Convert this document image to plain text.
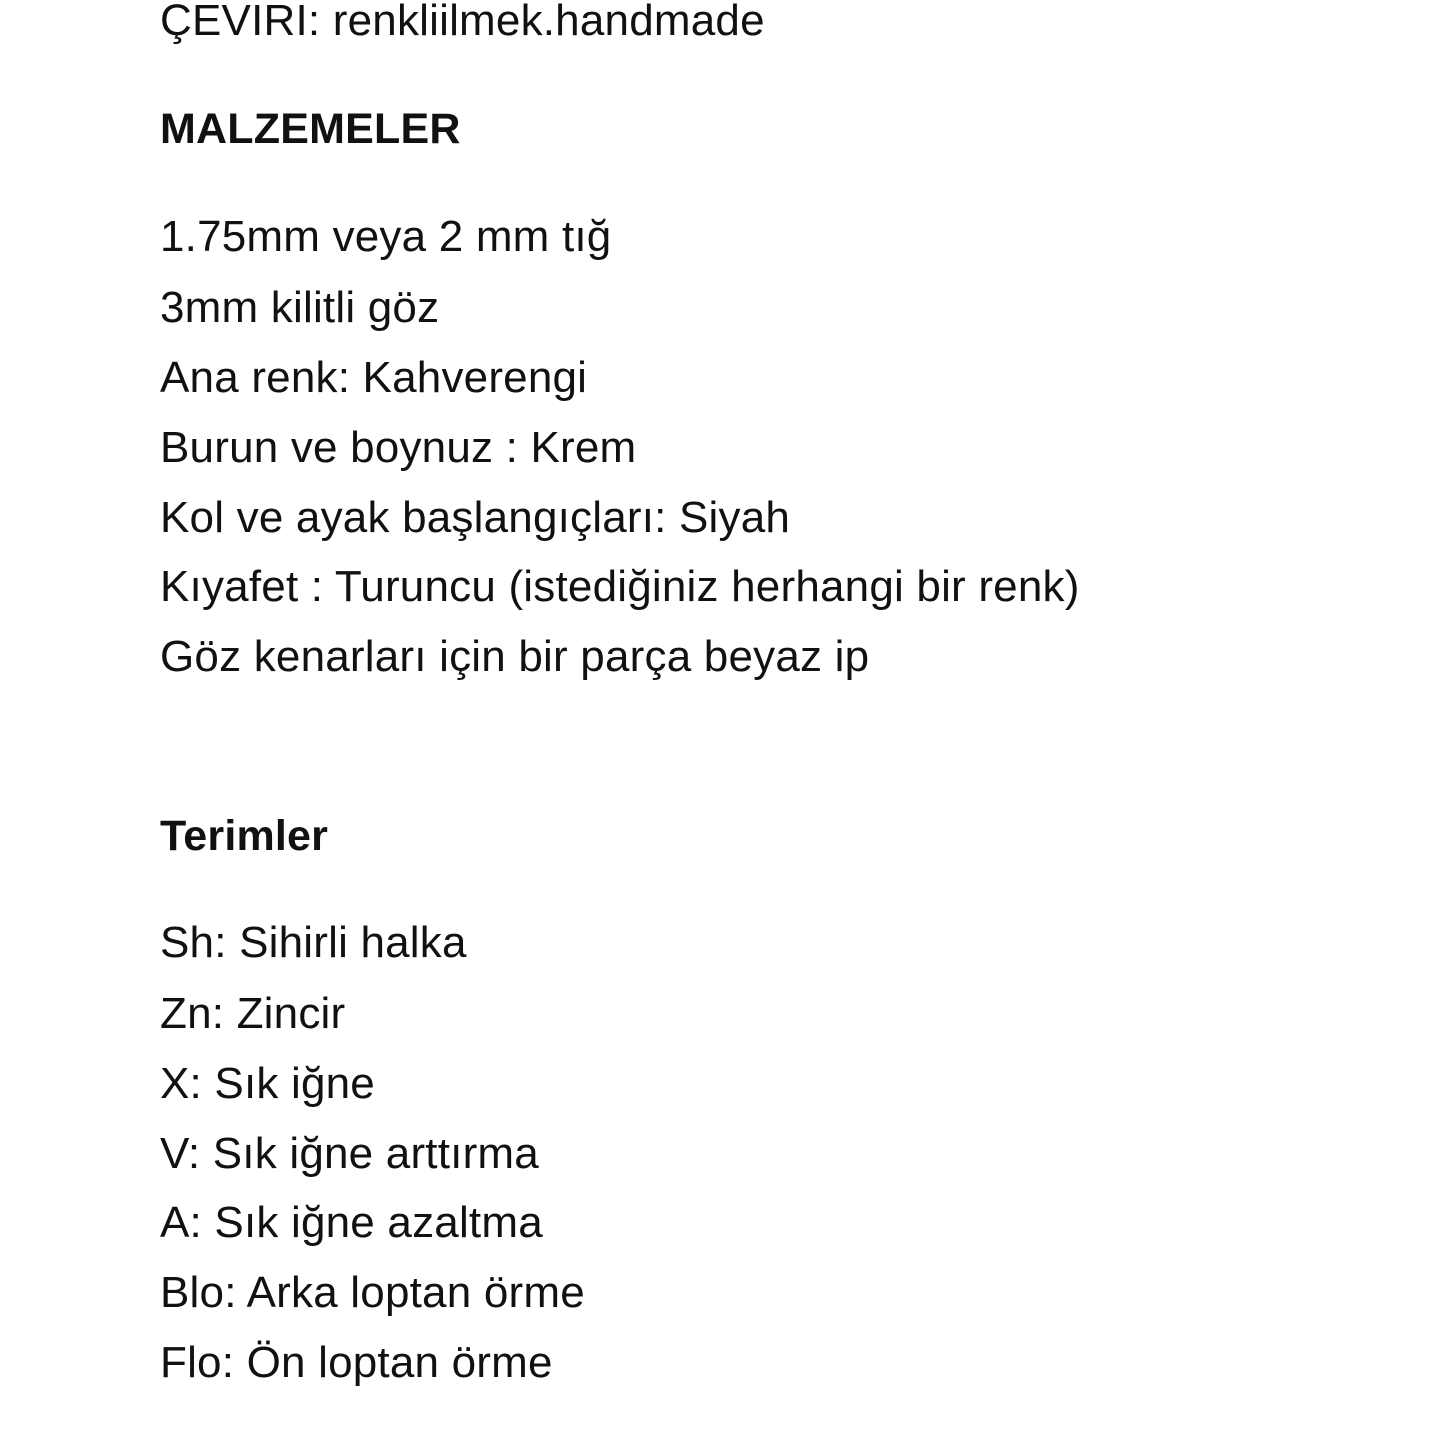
ÇEVIRI: renkliilmek.handmade
MALZEMELER
1.75mm veya 2 mm tığ
3mm kilitli göz
Ana renk: Kahverengi
Burun ve boynuz : Krem
Kol ve ayak başlangıçları: Siyah
Kıyafet : Turuncu (istediğiniz herhangi bir renk)
Göz kenarları için bir parça beyaz ip
Terimler
Sh: Sihirli halka
Zn: Zincir
X: Sık iğne
V: Sık iğne arttırma
A: Sık iğne azaltma
Blo: Arka loptan örme
Flo: Ön loptan örme
